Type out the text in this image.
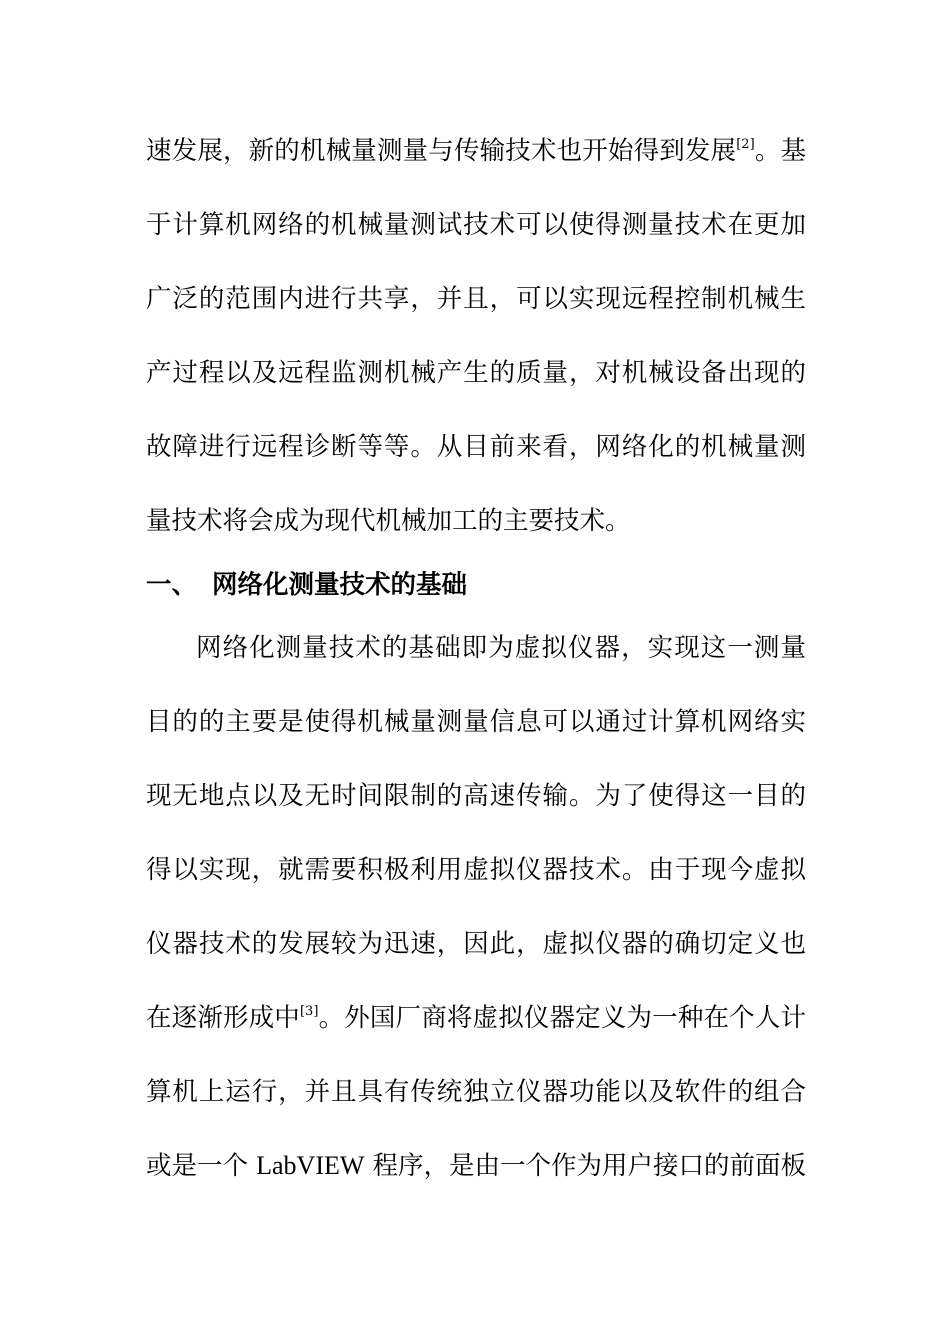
速发展，新的机械量测量与传输技术也开始得到发展[2]。基
于计算机网络的机械量测试技术可以使得测量技术在更加
广泛的范围内进行共享，并且，可以实现远程控制机械生
产过程以及远程监测机械产生的质量，对机械设备出现的
故障进行远程诊断等等。从目前来看，网络化的机械量测
量技术将会成为现代机械加工的主要技术。
一、 网络化测量技术的基础
网络化测量技术的基础即为虚拟仪器，实现这一测量
目的的主要是使得机械量测量信息可以通过计算机网络实
现无地点以及无时间限制的高速传输。为了使得这一目的
得以实现，就需要积极利用虚拟仪器技术。由于现今虚拟
仪器技术的发展较为迅速，因此，虚拟仪器的确切定义也
在逐渐形成中[3]。外国厂商将虚拟仪器定义为一种在个人计
算机上运行，并且具有传统独立仪器功能以及软件的组合
或是一个 LabVIEW 程序，是由一个作为用户接口的前面板
